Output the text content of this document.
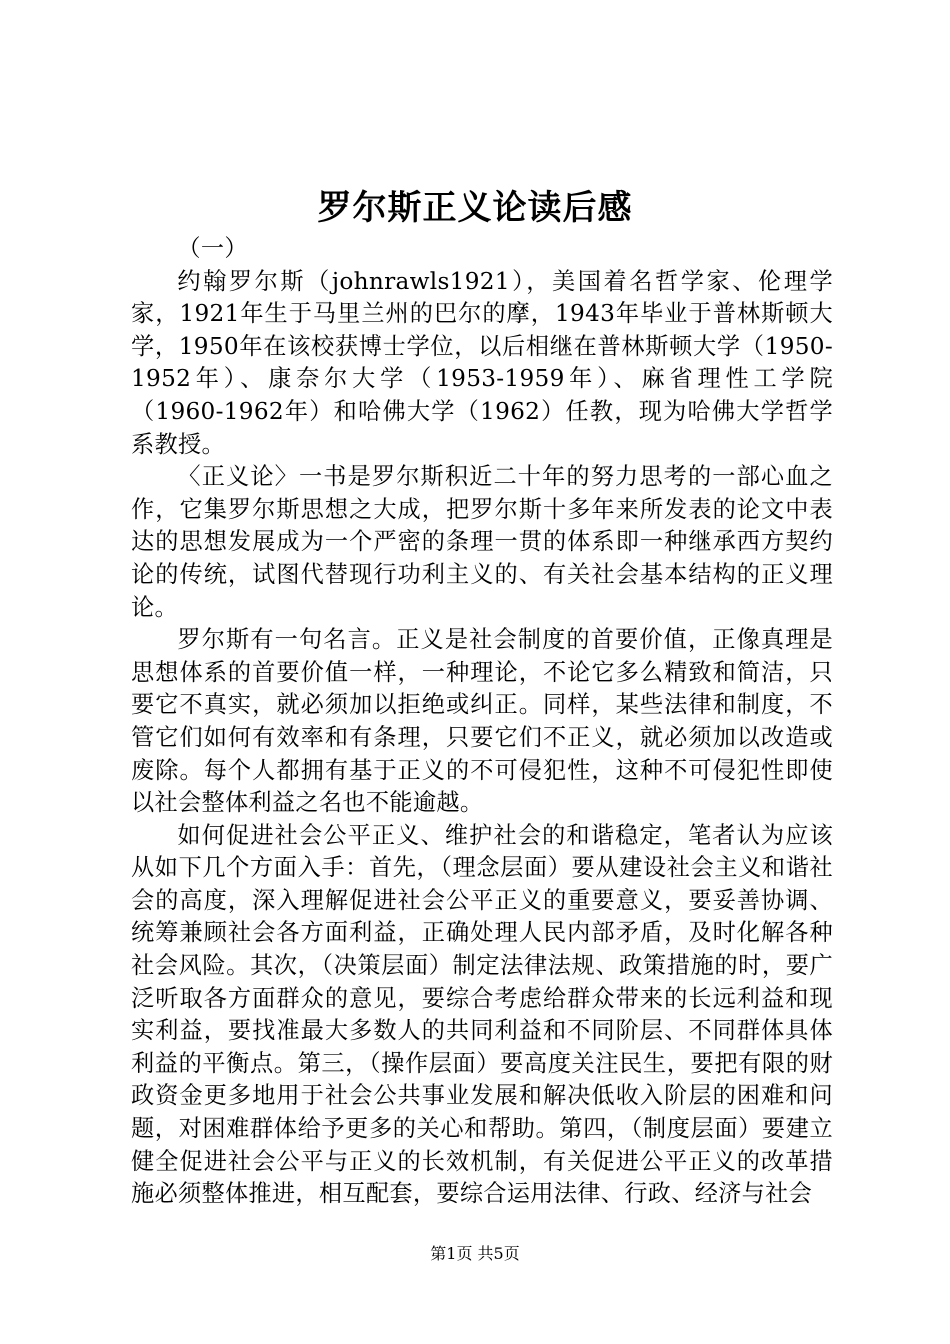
罗尔斯正义论读后感

（一）

约翰罗尔斯（johnrawls1921），美国着名哲学家、伦理学家，1921年生于马里兰州的巴尔的摩，1943年毕业于普林斯顿大学，1950年在该校获博士学位，以后相继在普林斯顿大学（1950-1952年）、康奈尔大学（1953-1959年）、麻省理性工学院（1960-1962年）和哈佛大学（1962）任教，现为哈佛大学哲学系教授。

〈正义论〉一书是罗尔斯积近二十年的努力思考的一部心血之作，它集罗尔斯思想之大成，把罗尔斯十多年来所发表的论文中表达的思想发展成为一个严密的条理一贯的体系即一种继承西方契约论的传统，试图代替现行功利主义的、有关社会基本结构的正义理论。

罗尔斯有一句名言。正义是社会制度的首要价值，正像真理是思想体系的首要价值一样，一种理论，不论它多么精致和简洁，只要它不真实，就必须加以拒绝或纠正。同样，某些法律和制度，不管它们如何有效率和有条理，只要它们不正义，就必须加以改造或废除。每个人都拥有基于正义的不可侵犯性，这种不可侵犯性即使以社会整体利益之名也不能逾越。

如何促进社会公平正义、维护社会的和谐稳定，笔者认为应该从如下几个方面入手：首先，（理念层面）要从建设社会主义和谐社会的高度，深入理解促进社会公平正义的重要意义，要妥善协调、统筹兼顾社会各方面利益，正确处理人民内部矛盾，及时化解各种社会风险。其次，（决策层面）制定法律法规、政策措施的时，要广泛听取各方面群众的意见，要综合考虑给群众带来的长远利益和现实利益，要找准最大多数人的共同利益和不同阶层、不同群体具体利益的平衡点。第三，（操作层面）要高度关注民生，要把有限的财政资金更多地用于社会公共事业发展和解决低收入阶层的困难和问题，对困难群体给予更多的关心和帮助。第四，（制度层面）要建立健全促进社会公平与正义的长效机制，有关促进公平正义的改革措施必须整体推进，相互配套，要综合运用法律、行政、经济与社会

第1页 共5页
